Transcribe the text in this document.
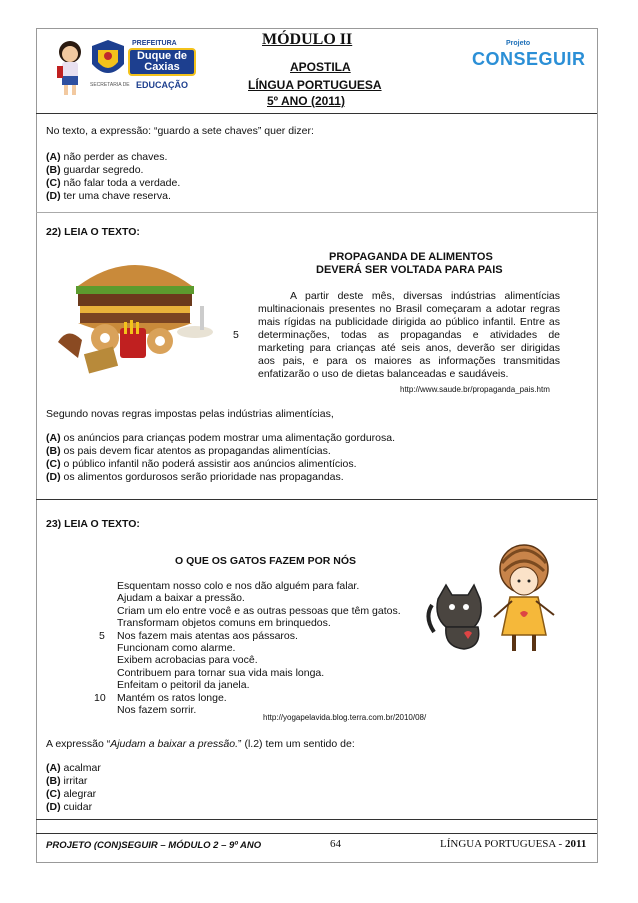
PREFEITURA
Duque de Caxias
SECRETARIA DE EDUCAÇÃO
MÓDULO II
APOSTILA
LÍNGUA PORTUGUESA
5º ANO (2011)
Projeto
CONSEGUIR
No texto, a expressão: “guardo a sete chaves” quer dizer:
(A) não perder as chaves.
(B) guardar segredo.
(C) não falar toda a verdade.
(D) ter uma chave reserva.
22) LEIA O TEXTO:
PROPAGANDA DE ALIMENTOS
DEVERÁ SER VOLTADA PARA PAIS
A partir deste mês, diversas indústrias alimentícias
multinacionais presentes no Brasil começaram a adotar regras
mais rígidas na publicidade dirigida ao público infantil. Entre as
5 determinações, todas as propagandas e atividades de
marketing para crianças até seis anos, deverão ser dirigidas
aos pais, e para os maiores as informações transmitidas
enfatizarão o uso de dietas balanceadas e saudáveis.
http://www.saude.br/propaganda_pais.htm
Segundo novas regras impostas pelas indústrias alimentícias,
(A) os anúncios para crianças podem mostrar uma alimentação gordurosa.
(B) os pais devem ficar atentos as propagandas alimentícias.
(C) o público infantil não poderá assistir aos anúncios alimentícios.
(D) os alimentos gordurosos serão prioridade nas propagandas.
23) LEIA O TEXTO:
O QUE OS GATOS FAZEM POR NÓS
Esquentam nosso colo e nos dão alguém para falar.
Ajudam a baixar a pressão.
Criam um elo entre você e as outras pessoas que têm gatos.
Transformam objetos comuns em brinquedos.
5 Nos fazem mais atentas aos pássaros.
Funcionam como alarme.
Exibem acrobacias para você.
Contribuem para tornar sua vida mais longa.
Enfeitam o peitoril da janela.
10 Mantém os ratos longe.
Nos fazem sorrir.
http://yogapelavida.blog.terra.com.br/2010/08/
A expressão “Ajudam a baixar a pressão.” (l.2) tem um sentido de:
(A) acalmar
(B) irritar
(C) alegrar
(D) cuidar
PROJETO (CON)SEGUIR – MÓDULO 2 – 9º ANO	64	LÍNGUA PORTUGUESA - 2011
